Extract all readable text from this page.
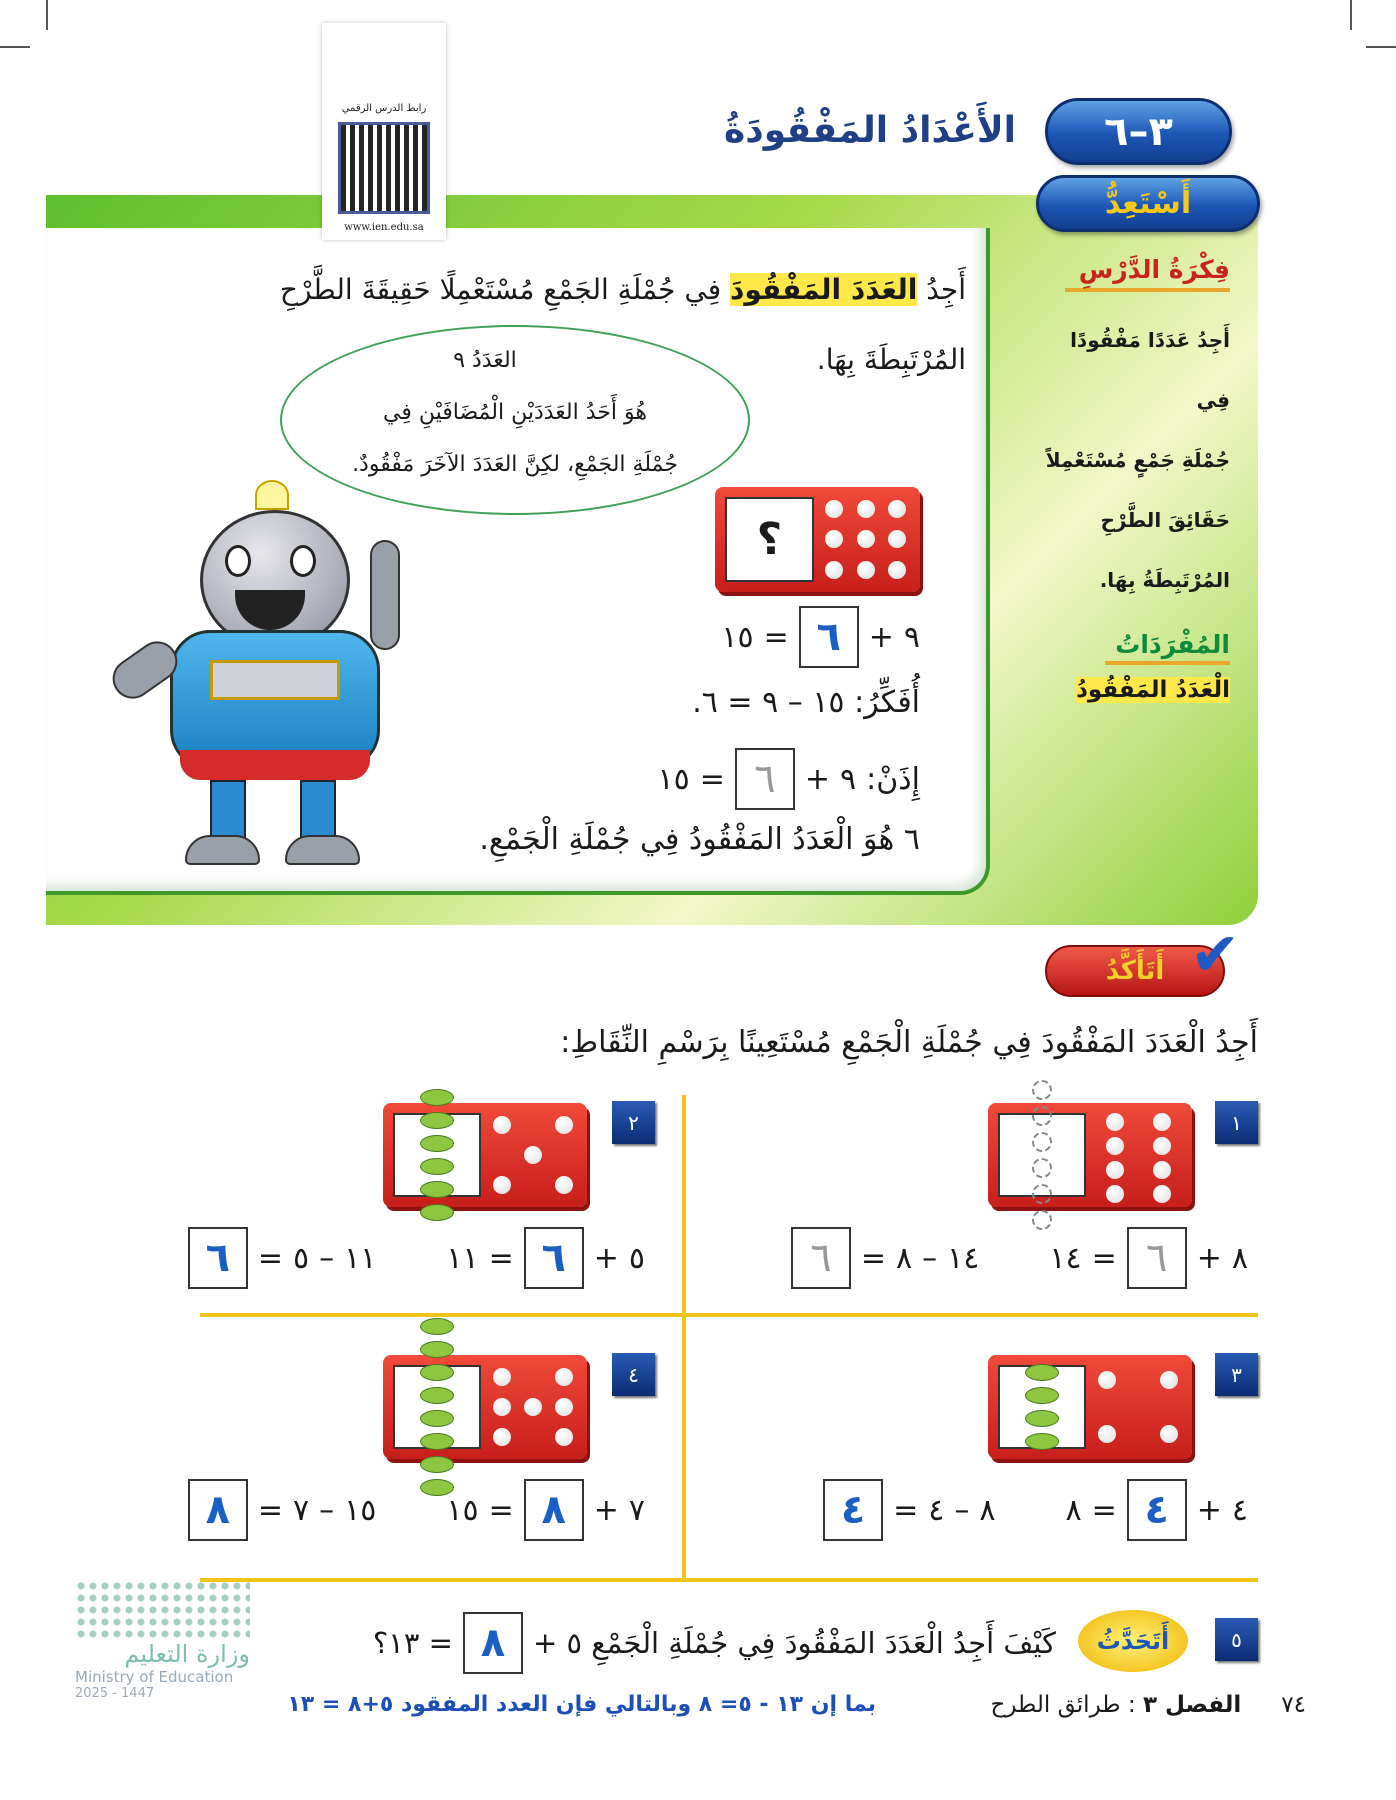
٣–٦
الأَعْدَادُ المَفْقُودَةُ
رابط الدرس الرقمي
www.ien.edu.sa
أَسْتَعِدُّ
فِكْرَةُ الدَّرْسِ
أَجِدُ عَدَدًا مَفْقُودًا فِي
جُمْلَةِ جَمْعٍ مُسْتَعْمِلاً
حَقَائِقَ الطَّرْحِ
المُرْتَبِطَةُ بِهَا.
المُفْرَدَاتُ
الْعَدَدُ المَفْقُودُ
أَجِدُ العَدَدَ المَفْقُودَ فِي جُمْلَةِ الجَمْعِ مُسْتَعْمِلًا حَقِيقَةَ الطَّرْحِ
المُرْتَبِطَةَ بِهَا.
العَدَدُ ٩
هُوَ أَحَدُ العَدَدَيْنِ الْمُضَافَيْنِ فِي
جُمْلَةِ الجَمْعِ، لكِنَّ العَدَدَ الآخَرَ مَفْقُودٌ.
؟
٩
+
٦
=
١٥
أُفَكِّرُ: ١٥ – ٩ = ٦.
إِذَنْ:
٩
+
٦
=
١٥
٦ هُوَ الْعَدَدُ المَفْقُودُ فِي جُمْلَةِ الْجَمْعِ.
أَتَأَكَّدُ ✔
أَجِدُ الْعَدَدَ المَفْقُودَ فِي جُمْلَةِ الْجَمْعِ مُسْتَعِينًا بِرَسْمِ النِّقَاطِ:
١
٨
+
٦
=
١٤
١٤
–
٨
=
٦
٢
٥
+
٦
=
١١
١١
–
٥
=
٦
٣
٤
+
٤
=
٨
٨
–
٤
=
٤
٤
٧
+
٨
=
١٥
١٥
–
٧
=
٨
٥
أَتَحَدَّثُ
كَيْفَ أَجِدُ الْعَدَدَ المَفْقُودَ فِي جُمْلَةِ الْجَمْعِ ٥ +
٨
= ١٣؟
بما إن ١٣ - ٥= ٨ وبالتالي فإن العدد المفقود ٥+٨ = ١٣	٧٤
الفصل ٣ : طرائق الطرح
وزارة التعليم
Ministry of Education
2025 - 1447
